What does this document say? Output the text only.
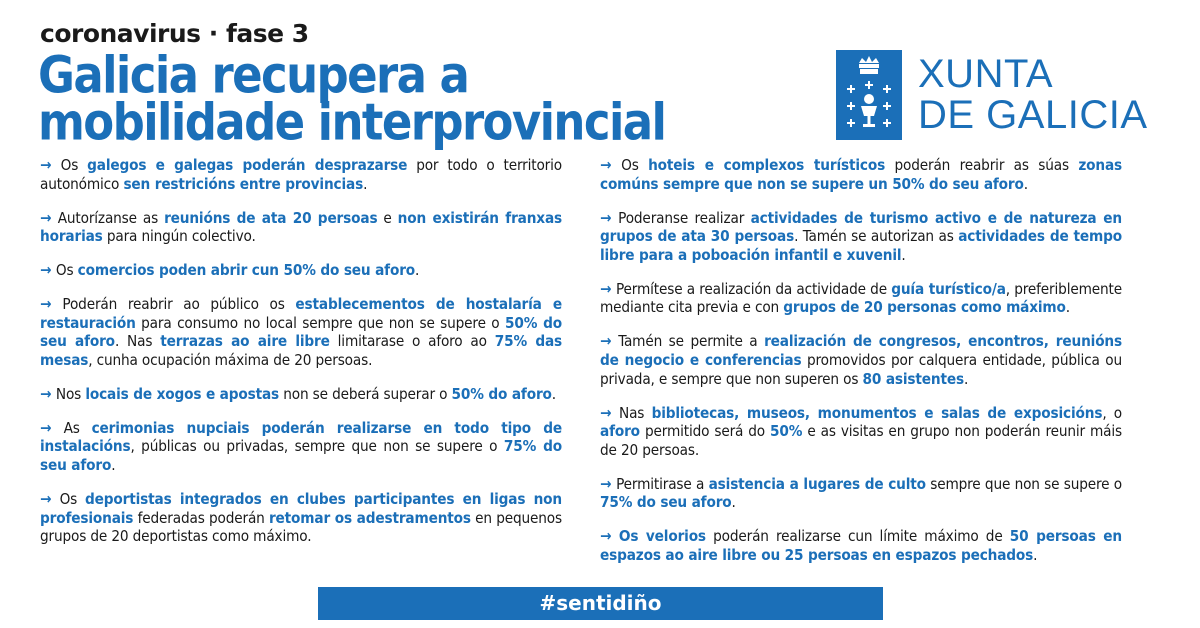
coronavirus · fase 3
Galicia recupera a
mobilidade interprovincial
XUNTA
DE GALICIA

→ Os galegos e galegas poderán desprazarse por todo o territorio autonómico sen restricións entre provincias.

→ Autorízanse as reunións de ata 20 persoas e non existirán franxas horarias para ningún colectivo.

→ Os comercios poden abrir cun 50% do seu aforo.

→ Poderán reabrir ao público os establecementos de hostalaría e restauración para consumo no local sempre que non se supere o 50% do seu aforo. Nas terrazas ao aire libre limitarase o aforo ao 75% das mesas, cunha ocupación máxima de 20 persoas.

→ Nos locais de xogos e apostas non se deberá superar o 50% do aforo.

→ As cerimonias nupciais poderán realizarse en todo tipo de instalacións, públicas ou privadas, sempre que non se supere o 75% do seu aforo.

→ Os deportistas integrados en clubes participantes en ligas non profesionais federadas poderán retomar os adestramentos en pequenos grupos de 20 deportistas como máximo.

→ Os hoteis e complexos turísticos poderán reabrir as súas zonas comúns sempre que non se supere un 50% do seu aforo.

→ Poderanse realizar actividades de turismo activo e de natureza en grupos de ata 30 persoas. Tamén se autorizan as actividades de tempo libre para a poboación infantil e xuvenil.

→ Permítese a realización da actividade de guía turístico/a, preferiblemente mediante cita previa e con grupos de 20 personas como máximo.

→ Tamén se permite a realización de congresos, encontros, reunións de negocio e conferencias promovidos por calquera entidade, pública ou privada, e sempre que non superen os 80 asistentes.

→ Nas bibliotecas, museos, monumentos e salas de exposicións, o aforo permitido será do 50% e as visitas en grupo non poderán reunir máis de 20 persoas.

→ Permitirase a asistencia a lugares de culto sempre que non se supere o 75% do seu aforo.

→ Os velorios poderán realizarse cun límite máximo de 50 persoas en espazos ao aire libre ou 25 persoas en espazos pechados.

#sentidiño
